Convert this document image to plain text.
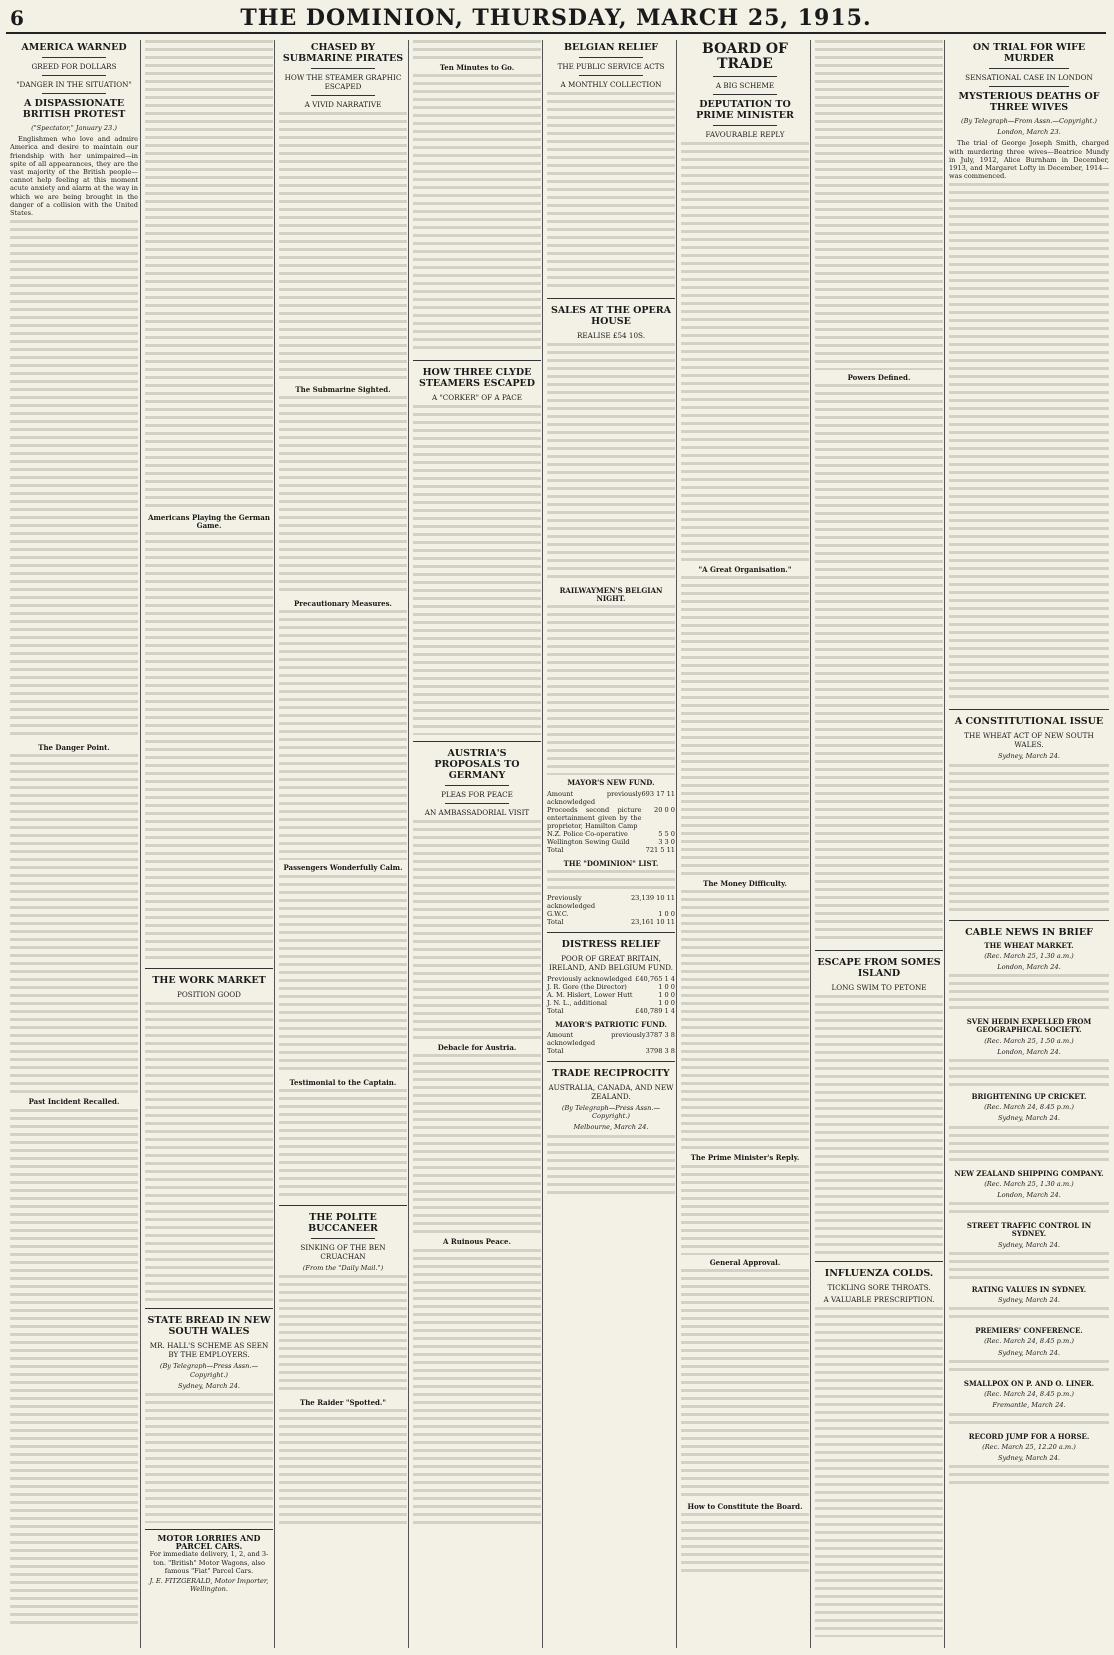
6	THE DOMINION, THURSDAY, MARCH 25, 1915.
AMERICA WARNED
GREED FOR DOLLARS
"DANGER IN THE SITUATION"
A DISPASSIONATE BRITISH PROTEST
("Spectator," January 23.)

Englishmen who love and admire America and desire to maintain our friendship with her unimpaired—in spite of all appearances, they are the vast majority of the British people—cannot help feeling at this moment acute anxiety and alarm at the way in which we are being brought in the danger of a collision with the United States.

The Danger Point.
Past Incident Recalled.
Americans Playing the German Game.
THE WORK MARKET
POSITION GOOD
STATE BREAD IN NEW SOUTH WALES
MR. HALL'S SCHEME AS SEEN BY THE EMPLOYERS.
(By Telegraph—Press Assn.—Copyright.)
Sydney, March 24.
MOTOR LORRIES AND
PARCEL CARS.
For immediate delivery, 1, 2, and 3-ton. "British" Motor Wagons, also famous "Fiat" Parcel Cars.
J. E. FITZGERALD, Motor Importer, Wellington.
CHASED BY SUBMARINE PIRATES
HOW THE STEAMER GRAPHIC ESCAPED
A VIVID NARRATIVE
The Submarine Sighted.
Precautionary Measures.
Passengers Wonderfully Calm.
Testimonial to the Captain.
THE POLITE BUCCANEER
SINKING OF THE BEN CRUACHAN
(From the "Daily Mail.")
The Raider "Spotted."
Ten Minutes to Go.
HOW THREE CLYDE STEAMERS ESCAPED
A "CORKER" OF A PACE
AUSTRIA'S PROPOSALS TO GERMANY
PLEAS FOR PEACE
AN AMBASSADORIAL VISIT
Debacle for Austria.
A Ruinous Peace.
BELGIAN RELIEF
THE PUBLIC SERVICE ACTS
A MONTHLY COLLECTION
SALES AT THE OPERA HOUSE
REALISE £54 10S.
RAILWAYMEN'S BELGIAN NIGHT.
MAYOR'S NEW FUND.
Amount previously acknowledged	693 17 11
Proceeds second picture entertainment given by the proprietor, Hamilton Camp	20 0 0
N.Z. Police Co-operative	5 5 0
Wellington Sewing Guild	3 3 0
Total	721 5 11
THE "DOMINION" LIST.
Previously acknowledged	23,139 10 11
G.W.C.	1 0 0
Total	23,161 10 11
DISTRESS RELIEF
POOR OF GREAT BRITAIN, IRELAND, AND BELGIUM FUND.
Previously acknowledged	£40,765 1 4
J. R. Gore (the Director)	1 0 0
A. M. Hislert, Lower Hutt	1 0 0
J. N. L., additional	1 0 0
Total	£40,789 1 4
MAYOR'S PATRIOTIC FUND.
Amount previously acknowledged	3787 3 8
Total	3798 3 8
TRADE RECIPROCITY
AUSTRALIA, CANADA, AND NEW ZEALAND.
(By Telegraph—Press Assn.—Copyright.)
Melbourne, March 24.
BOARD OF TRADE
A BIG SCHEME
DEPUTATION TO PRIME MINISTER
FAVOURABLE REPLY
"A Great Organisation."
The Money Difficulty.
The Prime Minister's Reply.
General Approval.
How to Constitute the Board.
Powers Defined.
ESCAPE FROM SOMES ISLAND
LONG SWIM TO PETONE
INFLUENZA COLDS.
TICKLING SORE THROATS.
A VALUABLE PRESCRIPTION.
ON TRIAL FOR WIFE MURDER
SENSATIONAL CASE IN LONDON
MYSTERIOUS DEATHS OF THREE WIVES
(By Telegraph—From Assn.—Copyright.)
London, March 23.

The trial of George Joseph Smith, charged with murdering three wives—Beatrice Mundy in July, 1912, Alice Burnham in December, 1913, and Margaret Lofty in December, 1914—was commenced.

A CONSTITUTIONAL ISSUE
THE WHEAT ACT OF NEW SOUTH WALES.
Sydney, March 24.
CABLE NEWS IN BRIEF
THE WHEAT MARKET.
(Rec. March 25, 1.30 a.m.)
London, March 24.
SVEN HEDIN EXPELLED FROM GEOGRAPHICAL SOCIETY.
(Rec. March 25, 1.50 a.m.)
London, March 24.
BRIGHTENING UP CRICKET.
(Rec. March 24, 8.45 p.m.)
Sydney, March 24.
NEW ZEALAND SHIPPING COMPANY.
(Rec. March 25, 1.30 a.m.)
London, March 24.
STREET TRAFFIC CONTROL IN SYDNEY.
Sydney, March 24.
RATING VALUES IN SYDNEY.
Sydney, March 24.
PREMIERS' CONFERENCE.
(Rec. March 24, 8.45 p.m.)
Sydney, March 24.
SMALLPOX ON P. AND O. LINER.
(Rec. March 24, 8.45 p.m.)
Fremantle, March 24.
RECORD JUMP FOR A HORSE.
(Rec. March 25, 12.20 a.m.)
Sydney, March 24.
